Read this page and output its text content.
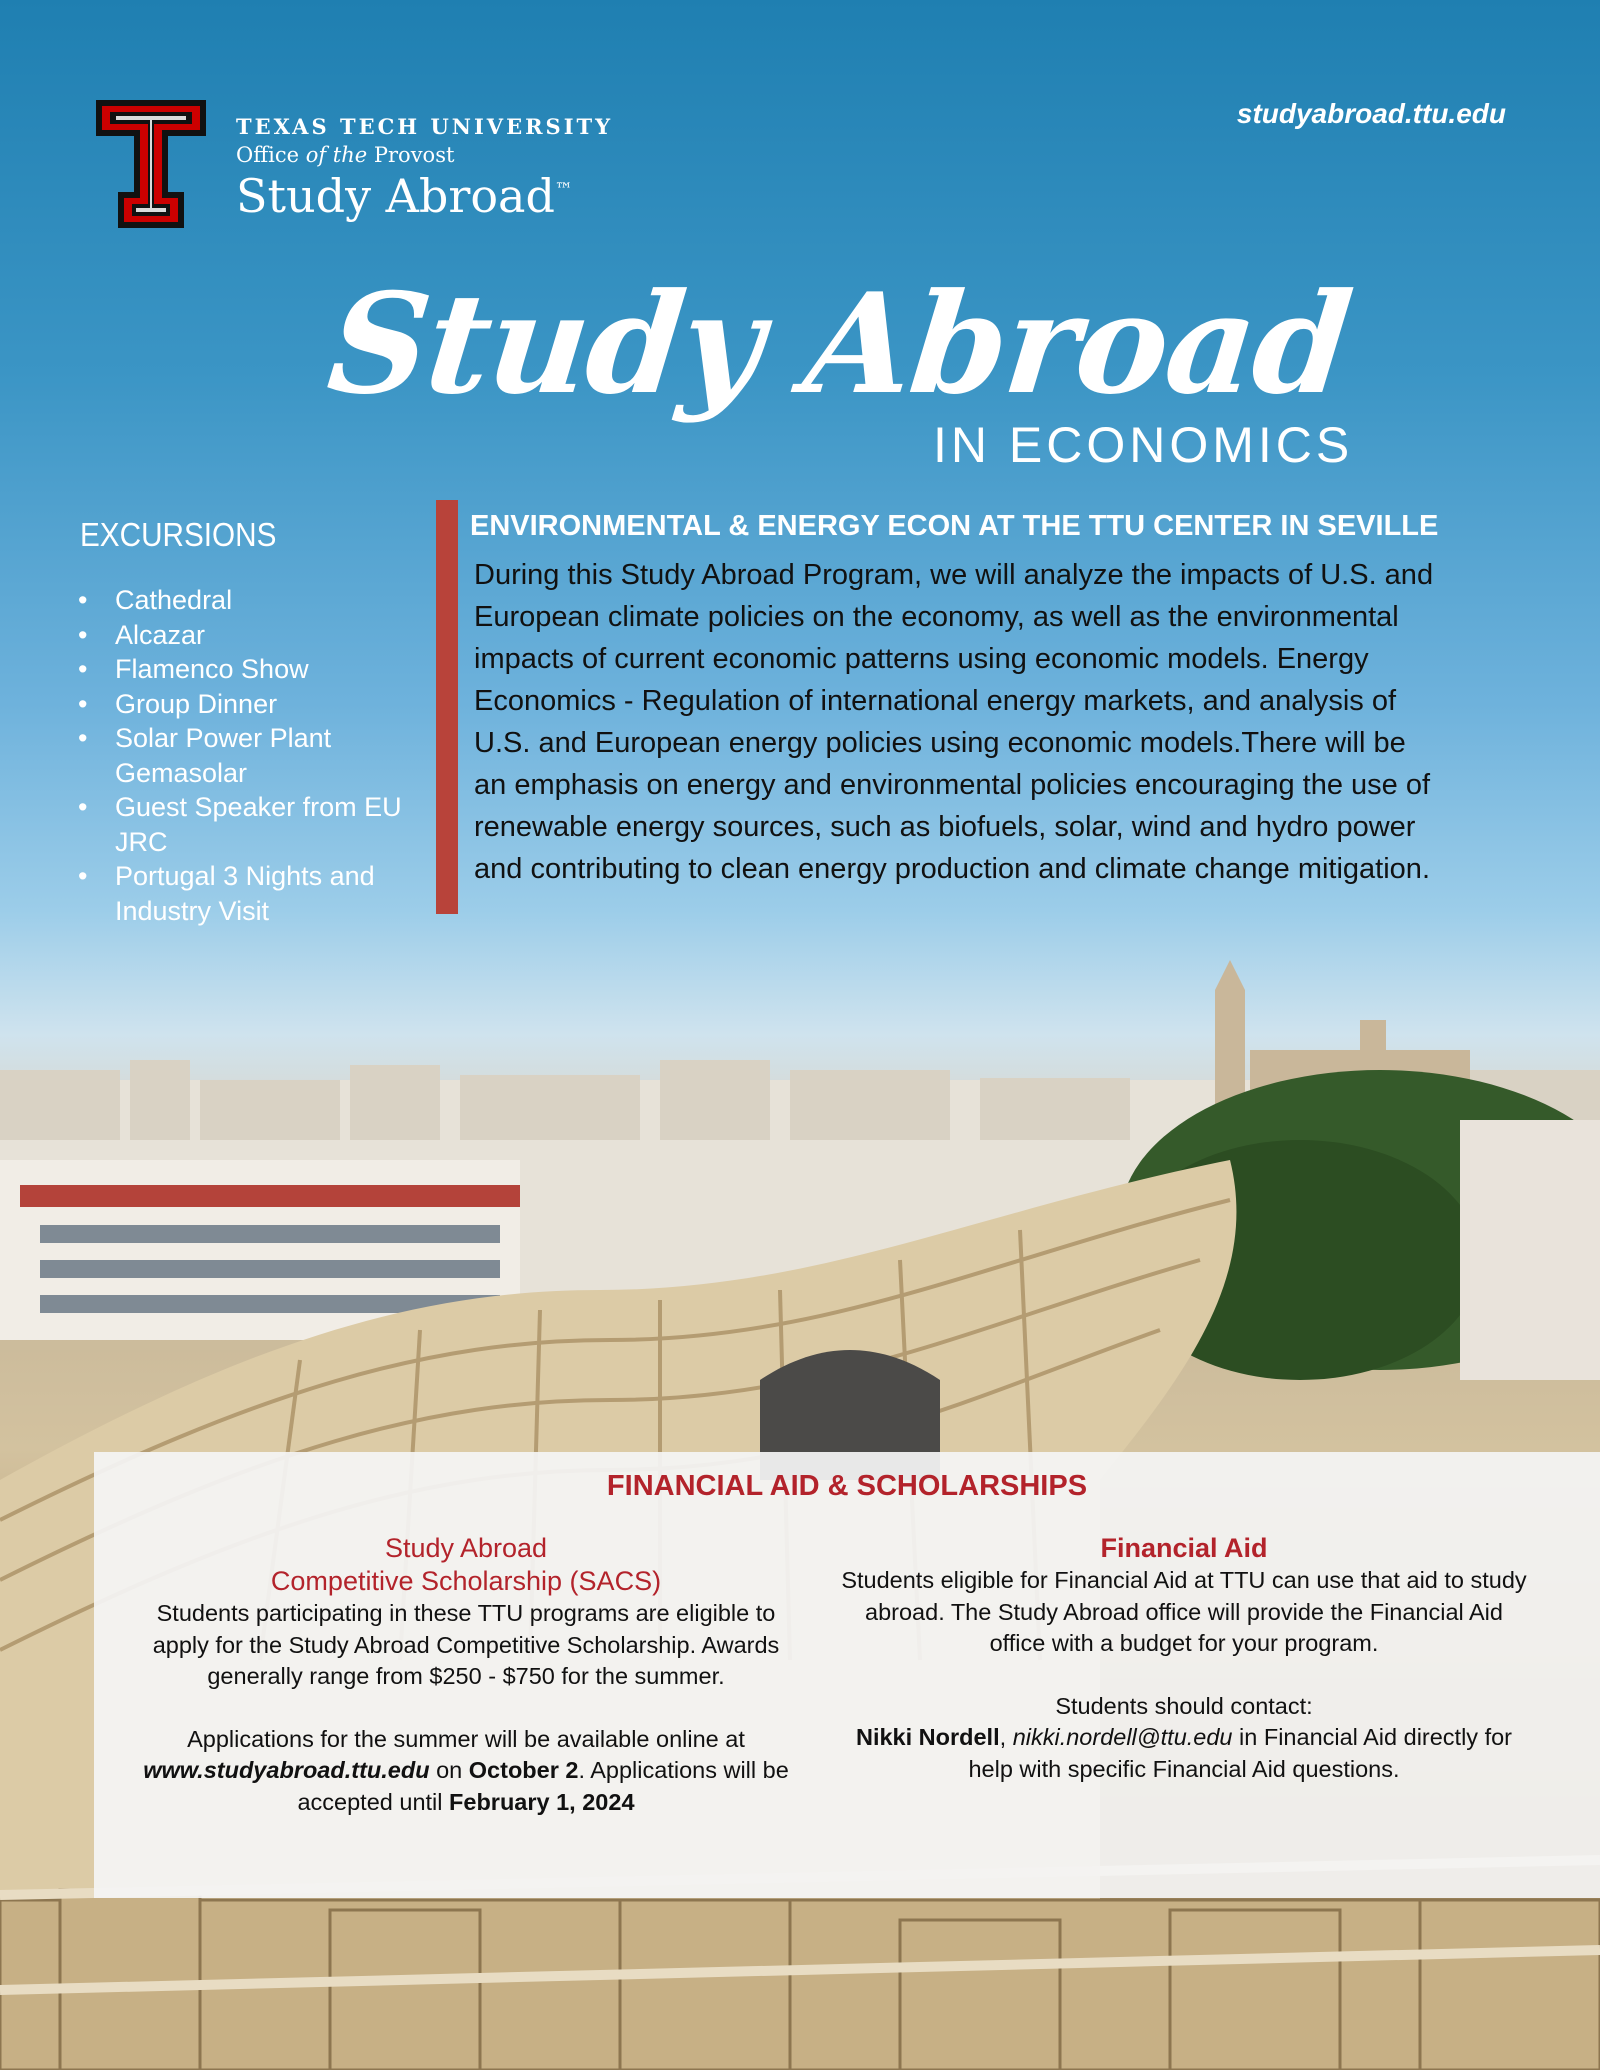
TEXAS TECH UNIVERSITY
Office of the Provost
Study Abroad™
studyabroad.ttu.edu
Study Abroad
IN ECONOMICS
EXCURSIONS
• Cathedral
• Alcazar
• Flamenco Show
• Group Dinner
• Solar Power Plant Gemasolar
• Guest Speaker from EU JRC
• Portugal 3 Nights and Industry Visit
ENVIRONMENTAL & ENERGY ECON AT THE TTU CENTER IN SEVILLE
During this Study Abroad Program, we will analyze the impacts of U.S. and European climate policies on the economy, as well as the environmental impacts of current economic patterns using economic models. Energy Economics - Regulation of international energy markets, and analysis of U.S. and European energy policies using economic models.There will be an emphasis on energy and environmental policies encouraging the use of renewable energy sources, such as biofuels, solar, wind and hydro power and contributing to clean energy production and climate change mitigation.
FINANCIAL AID & SCHOLARSHIPS
Study Abroad
Competitive Scholarship (SACS)
Students participating in these TTU programs are eligible to apply for the Study Abroad Competitive Scholarship. Awards generally range from $250 - $750 for the summer.
Applications for the summer will be available online at www.studyabroad.ttu.edu on October 2. Applications will be accepted until February 1, 2024
Financial Aid
Students eligible for Financial Aid at TTU can use that aid to study abroad. The Study Abroad office will provide the Financial Aid office with a budget for your program.
Students should contact:
Nikki Nordell, nikki.nordell@ttu.edu in Financial Aid directly for help with specific Financial Aid questions.
